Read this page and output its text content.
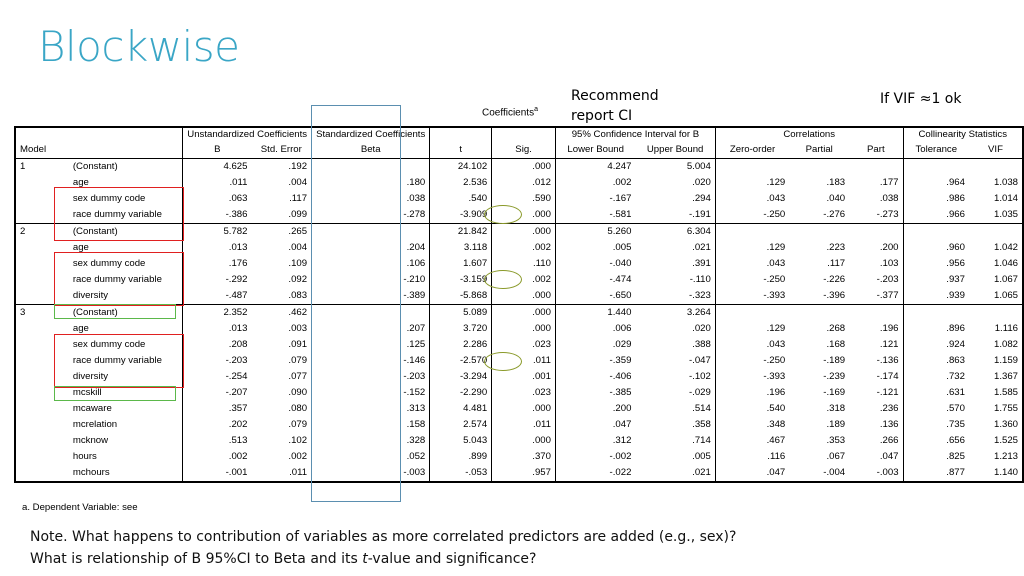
Blockwise
Recommend report CI
If VIF ≈1 ok
Coefficients$^a$
		Unstandardized Coefficients		Standardized Coefficients			95% Confidence Interval for B		Correlations			Collinearity Statistics	
Model		B	Std. Error	Beta	t	Sig.	Lower Bound	Upper Bound	Zero-order	Partial	Part	Tolerance	VIF
1	(Constant)	4.625	.192		24.102	.000	4.247	5.004					
	age	.011	.004	.180	2.536	.012	.002	.020	.129	.183	.177	.964	1.038
	sex dummy code	.063	.117	.038	.540	.590	-.167	.294	.043	.040	.038	.986	1.014
	race dummy variable	-.386	.099	-.278	-3.909	.000	-.581	-.191	-.250	-.276	-.273	.966	1.035
2	(Constant)	5.782	.265		21.842	.000	5.260	6.304					
	age	.013	.004	.204	3.118	.002	.005	.021	.129	.223	.200	.960	1.042
	sex dummy code	.176	.109	.106	1.607	.110	-.040	.391	.043	.117	.103	.956	1.046
	race dummy variable	-.292	.092	-.210	-3.159	.002	-.474	-.110	-.250	-.226	-.203	.937	1.067
	diversity	-.487	.083	-.389	-5.868	.000	-.650	-.323	-.393	-.396	-.377	.939	1.065
3	(Constant)	2.352	.462		5.089	.000	1.440	3.264					
	age	.013	.003	.207	3.720	.000	.006	.020	.129	.268	.196	.896	1.116
	sex dummy code	.208	.091	.125	2.286	.023	.029	.388	.043	.168	.121	.924	1.082
	race dummy variable	-.203	.079	-.146	-2.570	.011	-.359	-.047	-.250	-.189	-.136	.863	1.159
	diversity	-.254	.077	-.203	-3.294	.001	-.406	-.102	-.393	-.239	-.174	.732	1.367
	mcskill	-.207	.090	-.152	-2.290	.023	-.385	-.029	.196	-.169	-.121	.631	1.585
	mcaware	.357	.080	.313	4.481	.000	.200	.514	.540	.318	.236	.570	1.755
	mcrelation	.202	.079	.158	2.574	.011	.047	.358	.348	.189	.136	.735	1.360
	mcknow	.513	.102	.328	5.043	.000	.312	.714	.467	.353	.266	.656	1.525
	hours	.002	.002	.052	.899	.370	-.002	.005	.116	.067	.047	.825	1.213
	mchours	-.001	.011	-.003	-.053	.957	-.022	.021	.047	-.004	-.003	.877	1.140
a. Dependent Variable: see
Note. What happens to contribution of variables as more correlated predictors are added (e.g., sex)?
What is relationship of B 95%CI to Beta and its t-value and significance?
